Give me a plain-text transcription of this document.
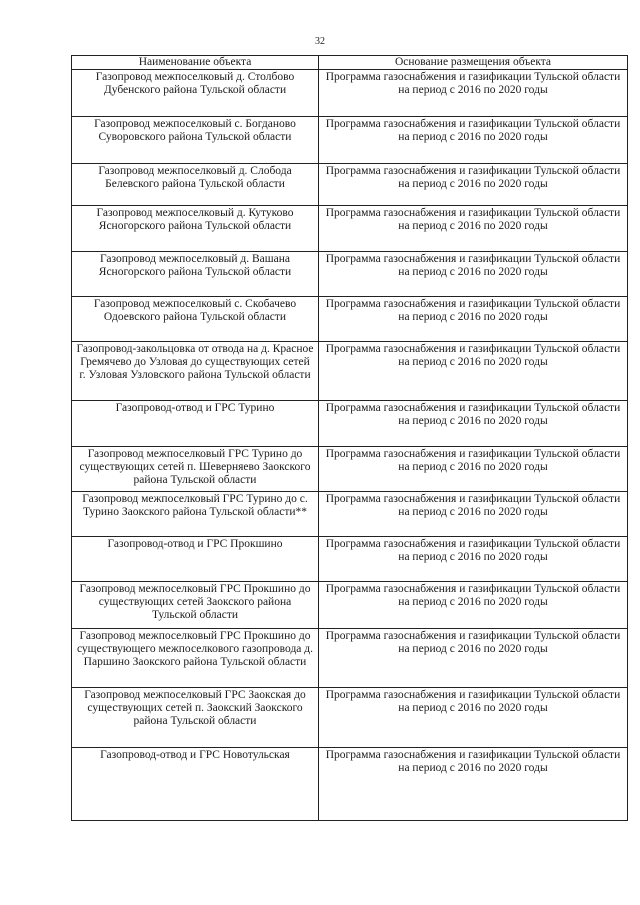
32
Наименование объекта	Основание размещения объекта
Газопровод межпоселковый д. Столбово Дубенского района Тульской области	Программа газоснабжения и газификации Тульской области на период с 2016 по 2020 годы
Газопровод межпоселковый с. Богданово Суворовского района Тульской области	Программа газоснабжения и газификации Тульской области на период с 2016 по 2020 годы
Газопровод межпоселковый д. Слобода Белевского района Тульской области	Программа газоснабжения и газификации Тульской области на период с 2016 по 2020 годы
Газопровод межпоселковый д. Кутуково Ясногорского района Тульской области	Программа газоснабжения и газификации Тульской области на период с 2016 по 2020 годы
Газопровод межпоселковый д. Вашана Ясногорского района Тульской области	Программа газоснабжения и газификации Тульской области на период с 2016 по 2020 годы
Газопровод межпоселковый с. Скобачево Одоевского района Тульской области	Программа газоснабжения и газификации Тульской области на период с 2016 по 2020 годы
Газопровод-закольцовка от отвода на д. Красное Гремячево до Узловая до существующих сетей г. Узловая Узловского района Тульской области	Программа газоснабжения и газификации Тульской области на период с 2016 по 2020 годы
Газопровод-отвод и ГРС Турино	Программа газоснабжения и газификации Тульской области на период с 2016 по 2020 годы
Газопровод межпоселковый ГРС Турино до существующих сетей п. Шеверняево Заокского района Тульской области	Программа газоснабжения и газификации Тульской области на период с 2016 по 2020 годы
Газопровод межпоселковый ГРС Турино до с. Турино Заокского района Тульской области**	Программа газоснабжения и газификации Тульской области на период с 2016 по 2020 годы
Газопровод-отвод и ГРС Прокшино	Программа газоснабжения и газификации Тульской области на период с 2016 по 2020 годы
Газопровод межпоселковый ГРС Прокшино до существующих сетей Заокского района Тульской области	Программа газоснабжения и газификации Тульской области на период с 2016 по 2020 годы
Газопровод межпоселковый ГРС Прокшино до существующего межпоселкового газопровода д. Паршино Заокского района Тульской области	Программа газоснабжения и газификации Тульской области на период с 2016 по 2020 годы
Газопровод межпоселковый ГРС Заокская до существующих сетей п. Заокский Заокского района Тульской области	Программа газоснабжения и газификации Тульской области на период с 2016 по 2020 годы
Газопровод-отвод и ГРС Новотульская	Программа газоснабжения и газификации Тульской области на период с 2016 по 2020 годы
